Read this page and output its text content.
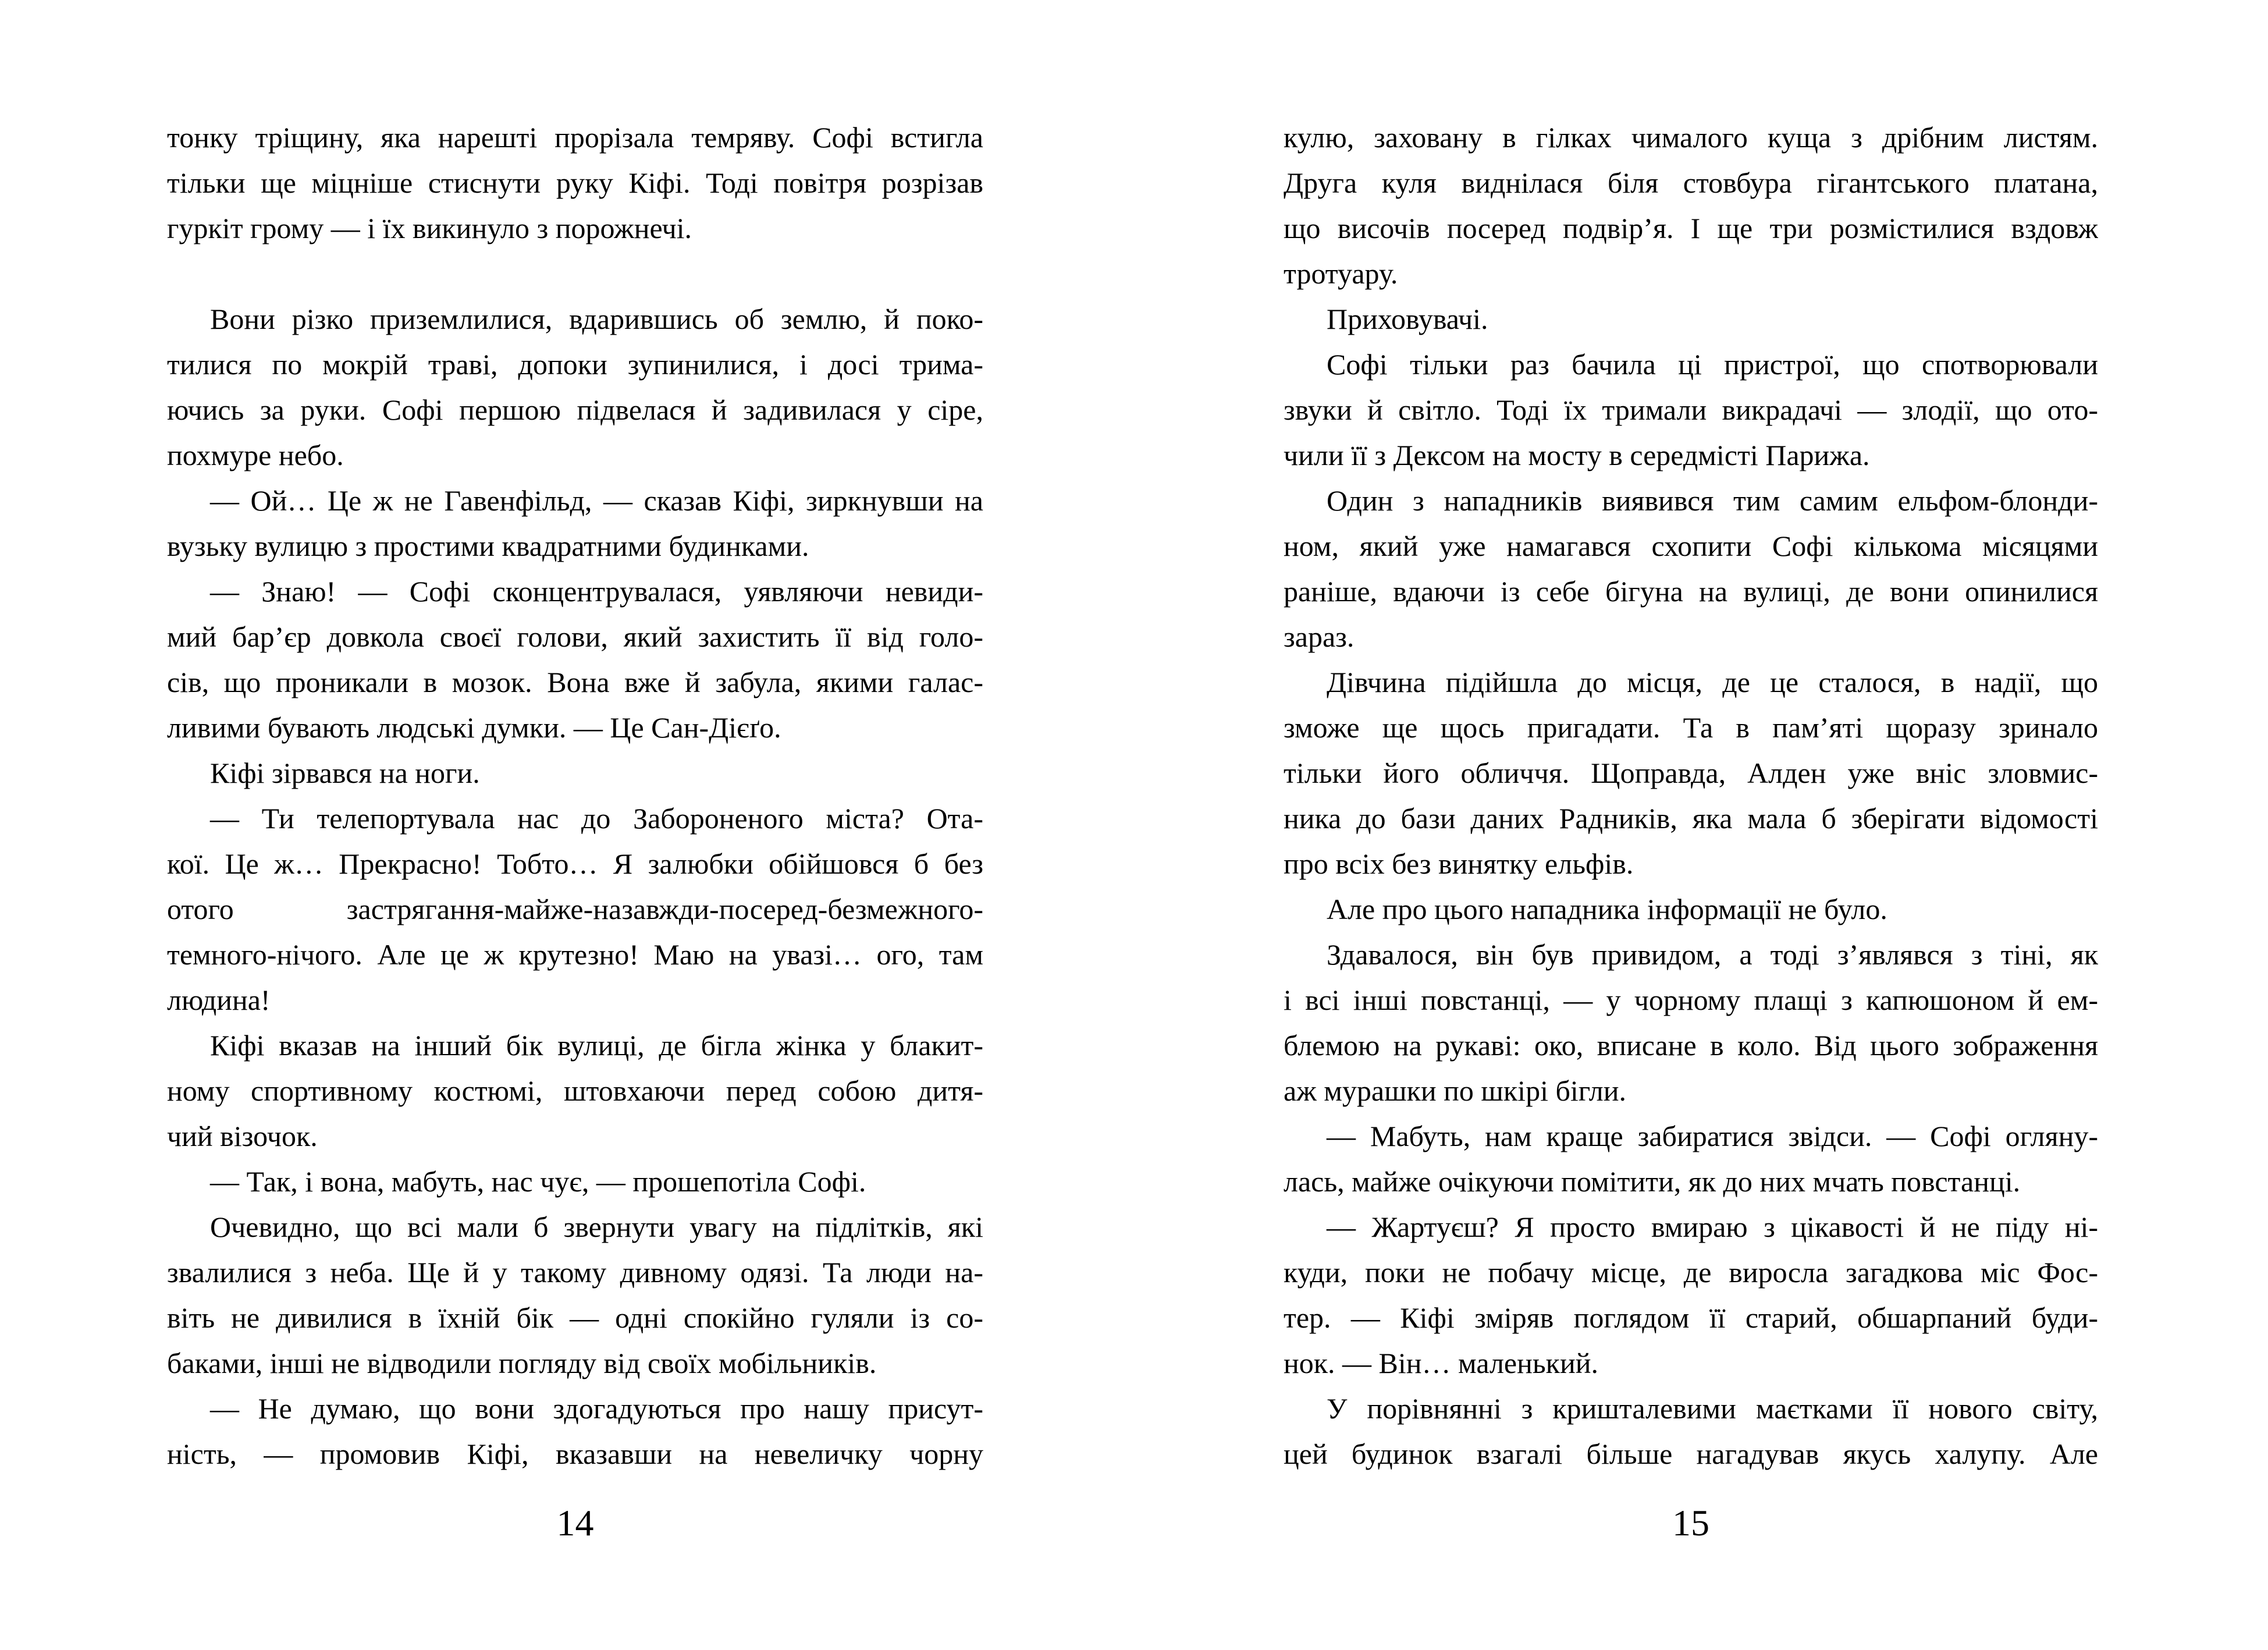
тонку тріщину, яка нарешті прорізала темряву. Софі встигла
тільки ще міцніше стиснути руку Кіфі. Тоді повітря розрізав
гуркіт грому — і їх викинуло з порожнечі.
Вони різко приземлилися, вдарившись об землю, й поко-
тилися по мокрій траві, допоки зупинилися, і досі трима-
ючись за руки. Софі першою підвелася й задивилася у сіре,
похмуре небо.
— Ой… Це ж не Гавенфільд, — сказав Кіфі, зиркнувши на
вузьку вулицю з простими квадратними будинками.
— Знаю! — Софі сконцентрувалася, уявляючи невиди-
мий бар’єр довкола своєї голови, який захистить її від голо-
сів, що проникали в мозок. Вона вже й забула, якими галас-
ливими бувають людські думки. — Це Сан-Дієґо.
Кіфі зірвався на ноги.
— Ти телепортувала нас до Забороненого міста? Ота-
кої. Це ж… Прекрасно! Тобто… Я залюбки обійшовся б без
отого застрягання-майже-назавжди-посеред-безмежного-
темного-нічого. Але це ж крутезно! Маю на увазі… ого, там
людина!
Кіфі вказав на інший бік вулиці, де бігла жінка у блакит-
ному спортивному костюмі, штовхаючи перед собою дитя-
чий візочок.
— Так, і вона, мабуть, нас чує, — прошепотіла Софі.
Очевидно, що всі мали б звернути увагу на підлітків, які
звалилися з неба. Ще й у такому дивному одязі. Та люди на-
віть не дивилися в їхній бік — одні спокійно гуляли із со-
баками, інші не відводили погляду від своїх мобільників.
— Не думаю, що вони здогадуються про нашу присут-
ність, — промовив Кіфі, вказавши на невеличку чорну
14
кулю, заховану в гілках чималого куща з дрібним листям.
Друга куля виднілася біля стовбура гігантського платана,
що височів посеред подвір’я. І ще три розмістилися вздовж
тротуару.
Приховувачі.
Софі тільки раз бачила ці пристрої, що спотворювали
звуки й світло. Тоді їх тримали викрадачі — злодії, що ото-
чили її з Дексом на мосту в середмісті Парижа.
Один з нападників виявився тим самим ельфом-блонди-
ном, який уже намагався схопити Софі кількома місяцями
раніше, вдаючи із себе бігуна на вулиці, де вони опинилися
зараз.
Дівчина підійшла до місця, де це сталося, в надії, що
зможе ще щось пригадати. Та в пам’яті щоразу зринало
тільки його обличчя. Щоправда, Алден уже вніс зловмис-
ника до бази даних Радників, яка мала б зберігати відомості
про всіх без винятку ельфів.
Але про цього нападника інформації не було.
Здавалося, він був привидом, а тоді з’являвся з тіні, як
і всі інші повстанці, — у чорному плащі з капюшоном й ем-
блемою на рукаві: око, вписане в коло. Від цього зображення
аж мурашки по шкірі бігли.
— Мабуть, нам краще забиратися звідси. — Софі огляну-
лась, майже очікуючи помітити, як до них мчать повстанці.
— Жартуєш? Я просто вмираю з цікавості й не піду ні-
куди, поки не побачу місце, де виросла загадкова міс Фос-
тер. — Кіфі зміряв поглядом її старий, обшарпаний буди-
нок. — Він… маленький.
У порівнянні з кришталевими маєтками її нового світу,
цей будинок взагалі більше нагадував якусь халупу. Але
15
